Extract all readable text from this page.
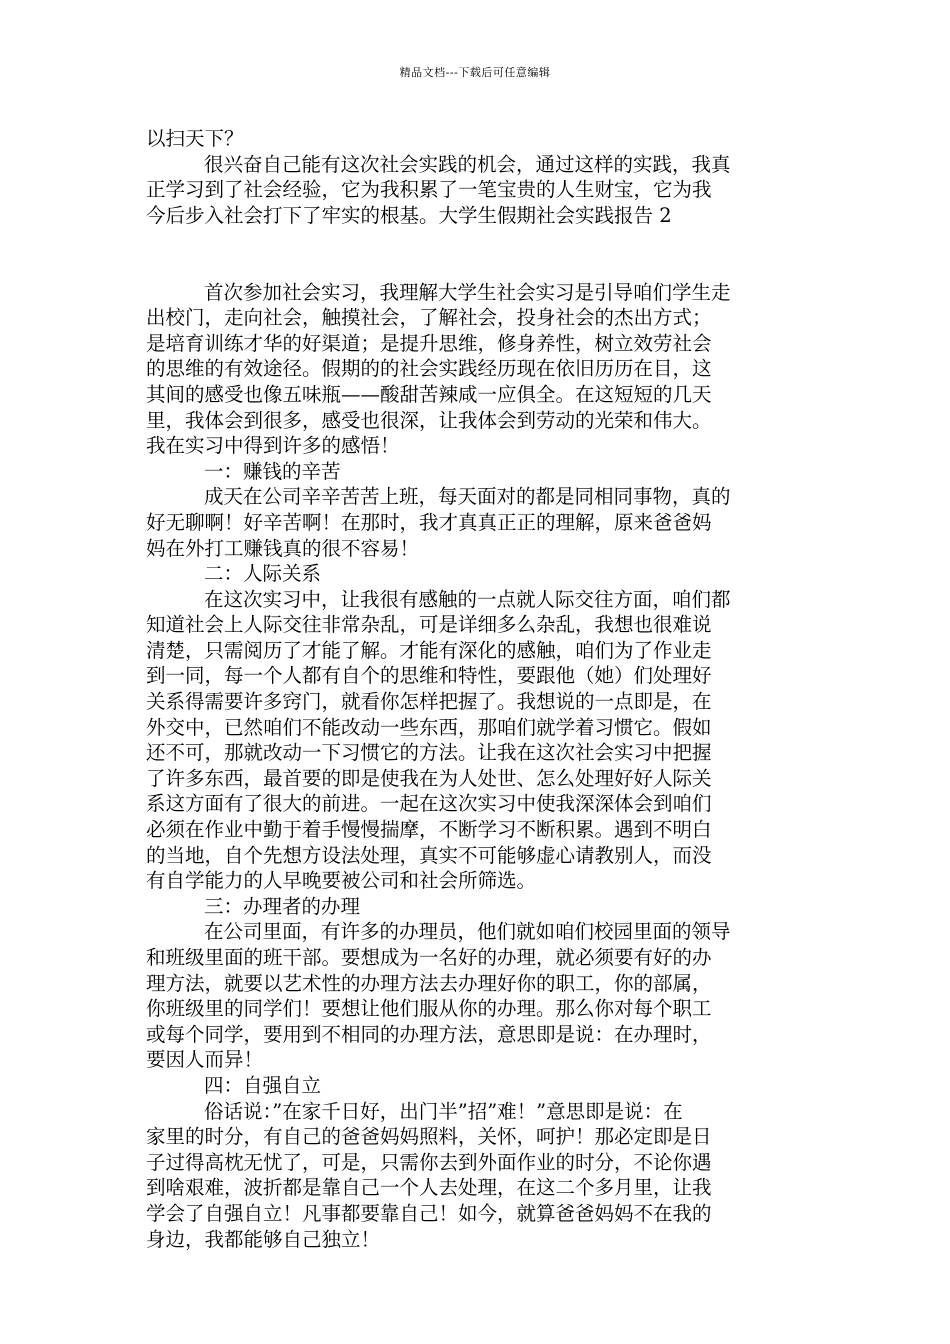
精品文档---下载后可任意编辑
以扫天下？
很兴奋自己能有这次社会实践的机会，通过这样的实践，我真
正学习到了社会经验，它为我积累了一笔宝贵的人生财宝，它为我
今后步入社会打下了牢实的根基。大学生假期社会实践报告 2
首次参加社会实习，我理解大学生社会实习是引导咱们学生走
出校门，走向社会，触摸社会，了解社会，投身社会的杰出方式；
是培育训练才华的好渠道；是提升思维，修身养性，树立效劳社会
的思维的有效途径。假期的的社会实践经历现在依旧历历在目，这
其间的感受也像五味瓶——酸甜苦辣咸一应俱全。在这短短的几天
里，我体会到很多，感受也很深，让我体会到劳动的光荣和伟大。
我在实习中得到许多的感悟！
一：赚钱的辛苦
成天在公司辛辛苦苦上班，每天面对的都是同相同事物，真的
好无聊啊！好辛苦啊！在那时，我才真真正正的理解，原来爸爸妈
妈在外打工赚钱真的很不容易！
二：人际关系
在这次实习中，让我很有感触的一点就人际交往方面，咱们都
知道社会上人际交往非常杂乱，可是详细多么杂乱，我想也很难说
清楚，只需阅历了才能了解。才能有深化的感触，咱们为了作业走
到一同，每一个人都有自个的思维和特性，要跟他（她）们处理好
关系得需要许多窍门，就看你怎样把握了。我想说的一点即是，在
外交中，已然咱们不能改动一些东西，那咱们就学着习惯它。假如
还不可，那就改动一下习惯它的方法。让我在这次社会实习中把握
了许多东西，最首要的即是使我在为人处世、怎么处理好好人际关
系这方面有了很大的前进。一起在这次实习中使我深深体会到咱们
必须在作业中勤于着手慢慢揣摩，不断学习不断积累。遇到不明白
的当地，自个先想方设法处理，真实不可能够虚心请教别人，而没
有自学能力的人早晚要被公司和社会所筛选。
三：办理者的办理
在公司里面，有许多的办理员，他们就如咱们校园里面的领导
和班级里面的班干部。要想成为一名好的办理，就必须要有好的办
理方法，就要以艺术性的办理方法去办理好你的职工，你的部属，
你班级里的同学们！要想让他们服从你的办理。那么你对每个职工
或每个同学，要用到不相同的办理方法，意思即是说：在办理时，
要因人而异！
四：自强自立
俗话说：”在家千日好，出门半”招”难！”意思即是说：在
家里的时分，有自己的爸爸妈妈照料，关怀，呵护！那必定即是日
子过得高枕无忧了，可是，只需你去到外面作业的时分，不论你遇
到啥艰难，波折都是靠自己一个人去处理，在这二个多月里，让我
学会了自强自立！凡事都要靠自己！如今，就算爸爸妈妈不在我的
身边，我都能够自己独立！
